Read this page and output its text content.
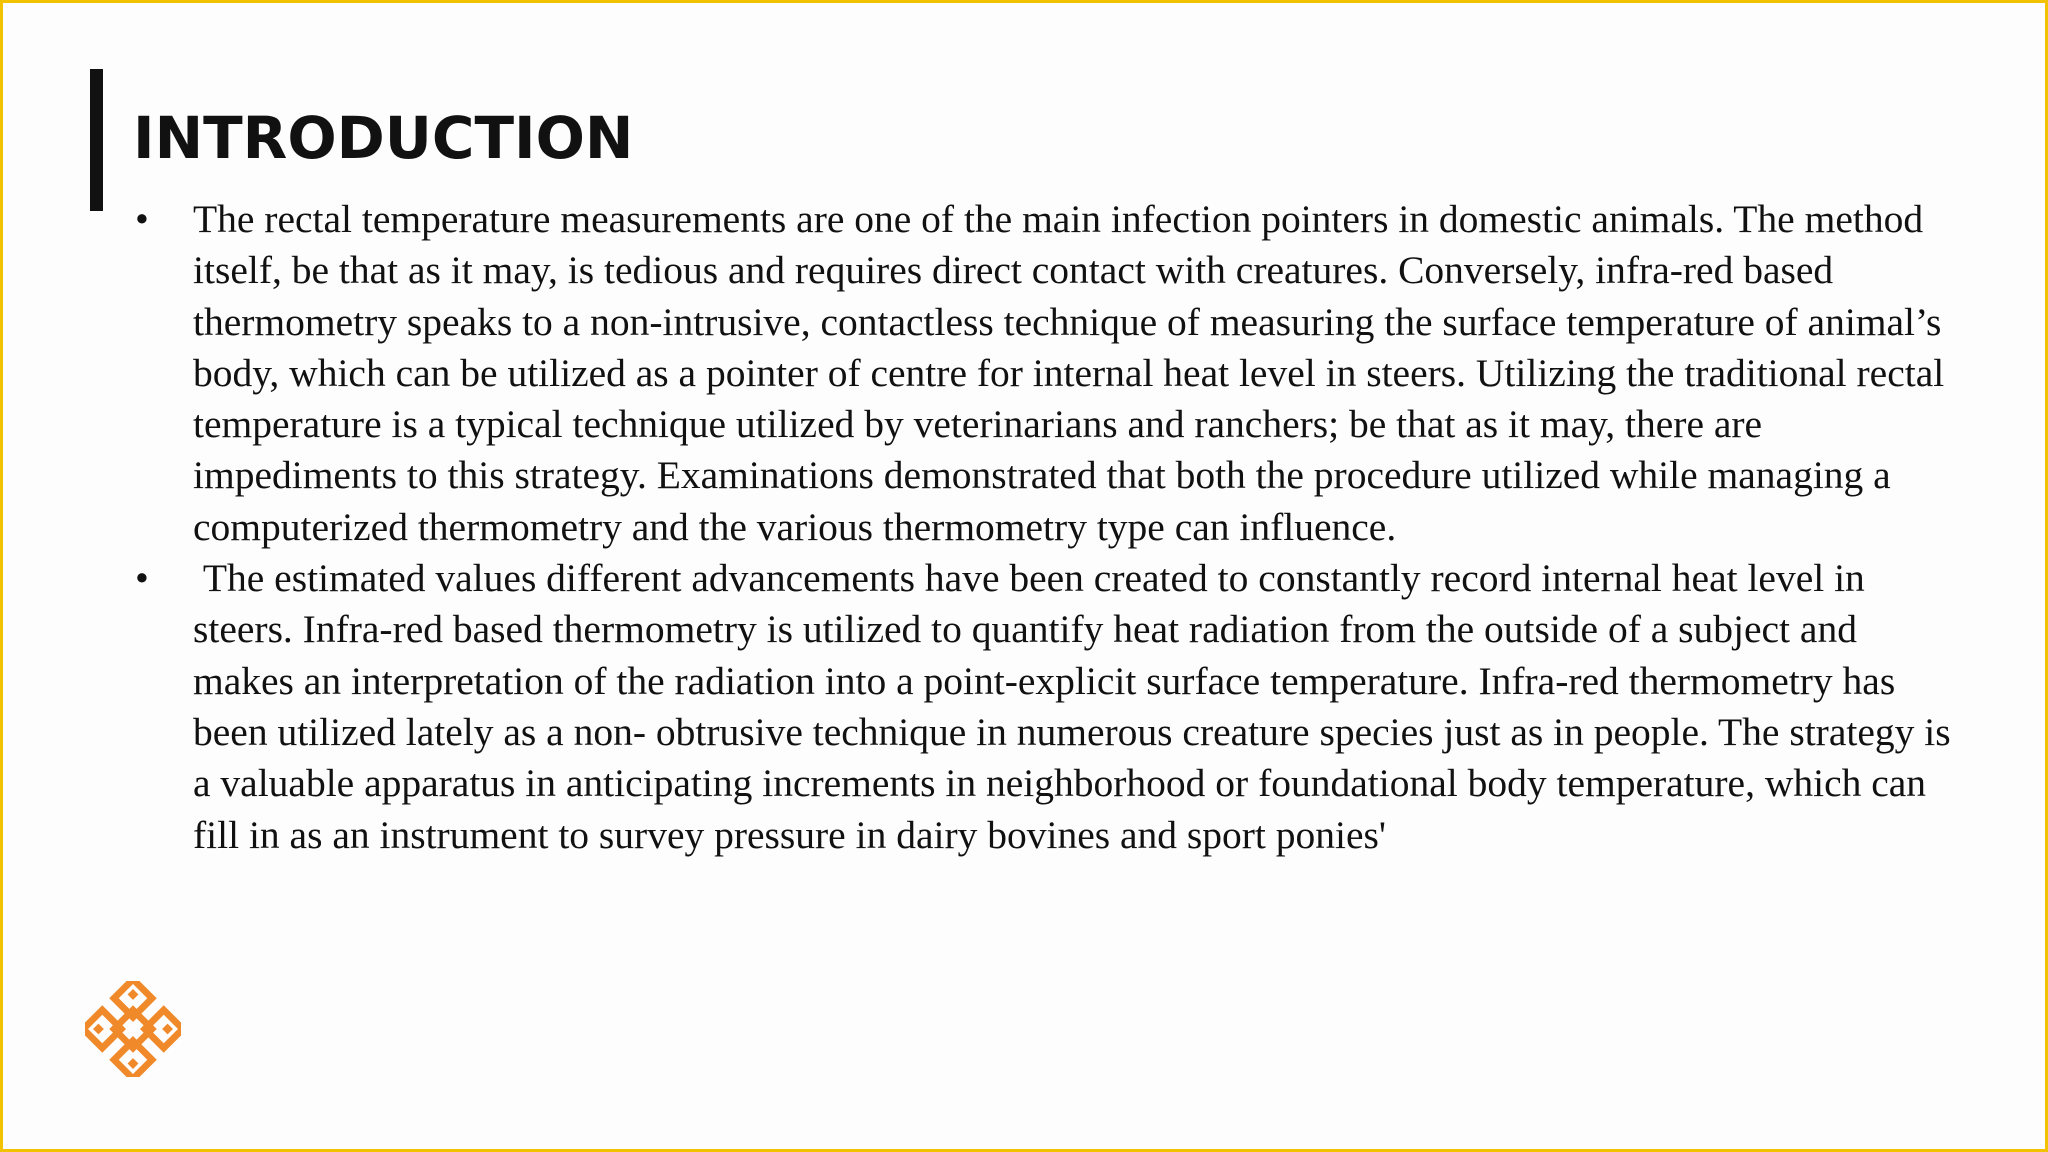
INTRODUCTION
• The rectal temperature measurements are one of the main infection pointers in domestic animals. The method itself, be that as it may, is tedious and requires direct contact with creatures. Conversely, infra-red based thermometry speaks to a non-intrusive, contactless technique of measuring the surface temperature of animal’s body, which can be utilized as a pointer of centre for internal heat level in steers. Utilizing the traditional rectal temperature is a typical technique utilized by veterinarians and ranchers; be that as it may, there are impediments to this strategy. Examinations demonstrated that both the procedure utilized while managing a computerized thermometry and the various thermometry type can influence.
• The estimated values different advancements have been created to constantly record internal heat level in steers. Infra-red based thermometry is utilized to quantify heat radiation from the outside of a subject and makes an interpretation of the radiation into a point-explicit surface temperature. Infra-red thermometry has been utilized lately as a non- obtrusive technique in numerous creature species just as in people. The strategy is a valuable apparatus in anticipating increments in neighborhood or foundational body temperature, which can fill in as an instrument to survey pressure in dairy bovines and sport ponies'
